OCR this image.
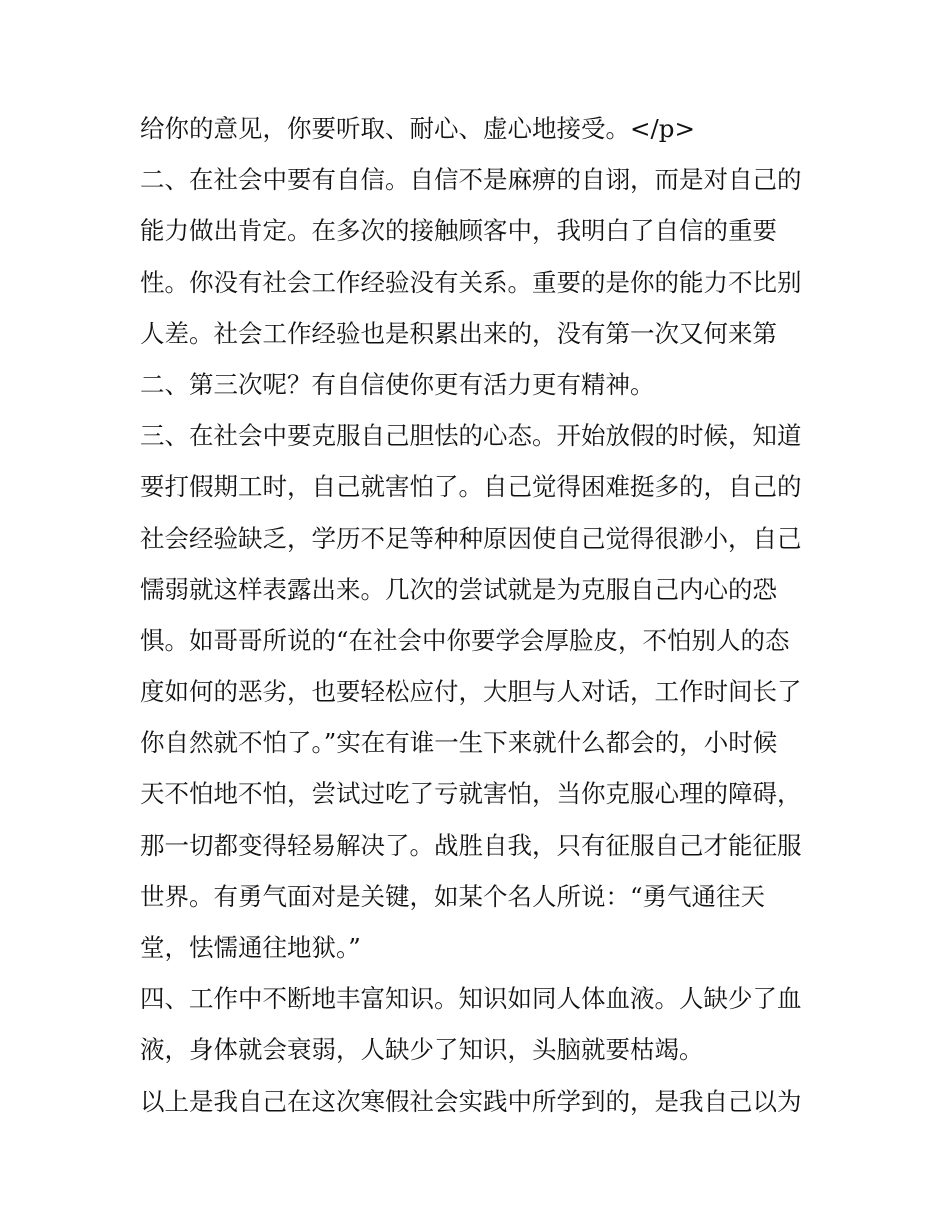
给你的意见，你要听取、耐心、虚心地接受。</p>
二、在社会中要有自信。自信不是麻痹的自诩，而是对自己的
能力做出肯定。在多次的接触顾客中，我明白了自信的重要
性。你没有社会工作经验没有关系。重要的是你的能力不比别
人差。社会工作经验也是积累出来的，没有第一次又何来第
二、第三次呢？有自信使你更有活力更有精神。
三、在社会中要克服自己胆怯的心态。开始放假的时候，知道
要打假期工时，自己就害怕了。自己觉得困难挺多的，自己的
社会经验缺乏，学历不足等种种原因使自己觉得很渺小，自己
懦弱就这样表露出来。几次的尝试就是为克服自己内心的恐
惧。如哥哥所说的“在社会中你要学会厚脸皮，不怕别人的态
度如何的恶劣，也要轻松应付，大胆与人对话，工作时间长了
你自然就不怕了。”实在有谁一生下来就什么都会的，小时候
天不怕地不怕，尝试过吃了亏就害怕，当你克服心理的障碍，
那一切都变得轻易解决了。战胜自我，只有征服自己才能征服
世界。有勇气面对是关键，如某个名人所说：“勇气通往天
堂，怯懦通往地狱。”
四、工作中不断地丰富知识。知识如同人体血液。人缺少了血
液，身体就会衰弱，人缺少了知识，头脑就要枯竭。
以上是我自己在这次寒假社会实践中所学到的，是我自己以为
